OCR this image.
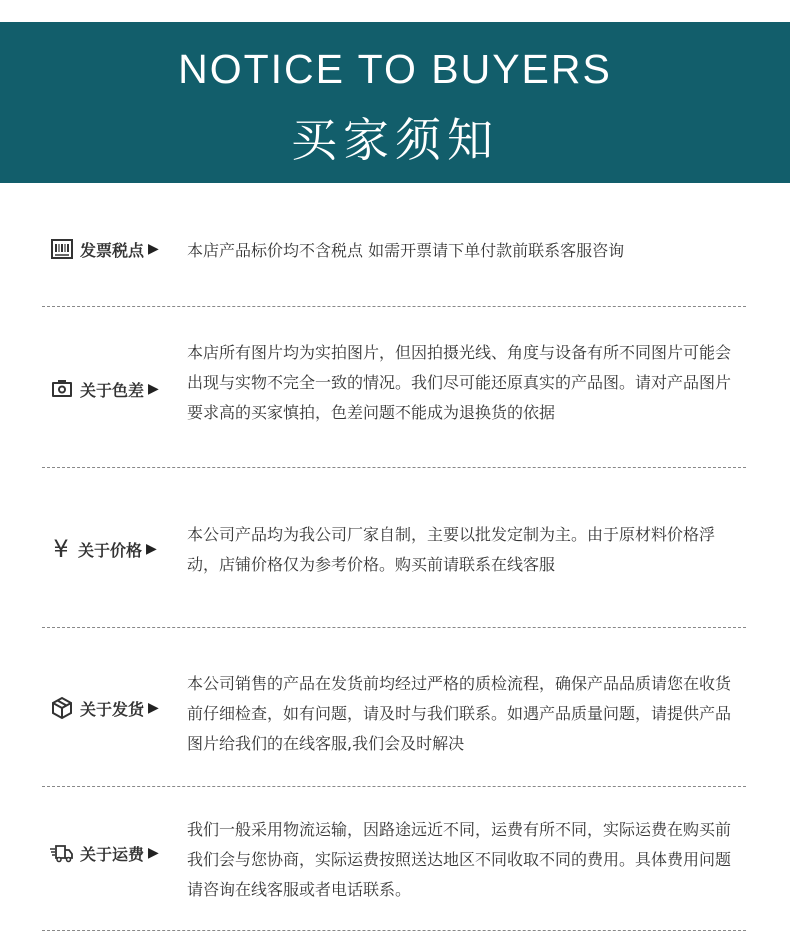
NOTICE TO BUYERS
买家须知
发票税点 ▶ 本店产品标价均不含税点 如需开票请下单付款前联系客服咨询
关于色差 ▶
本店所有图片均为实拍图片，但因拍摄光线、角度与设备有所不同图片可能会出现与实物不完全一致的情况。我们尽可能还原真实的产品图。请对产品图片要求高的买家慎拍，色差问题不能成为退换货的依据
¥ 关于价格 ▶
本公司产品均为我公司厂家自制，主要以批发定制为主。由于原材料价格浮动，店铺价格仅为参考价格。购买前请联系在线客服
关于发货 ▶
本公司销售的产品在发货前均经过严格的质检流程，确保产品品质请您在收货前仔细检查，如有问题，请及时与我们联系。如遇产品质量问题，请提供产品图片给我们的在线客服,我们会及时解决
关于运费 ▶
我们一般采用物流运输，因路途远近不同，运费有所不同，实际运费在购买前我们会与您协商，实际运费按照送达地区不同收取不同的费用。具体费用问题请咨询在线客服或者电话联系。
